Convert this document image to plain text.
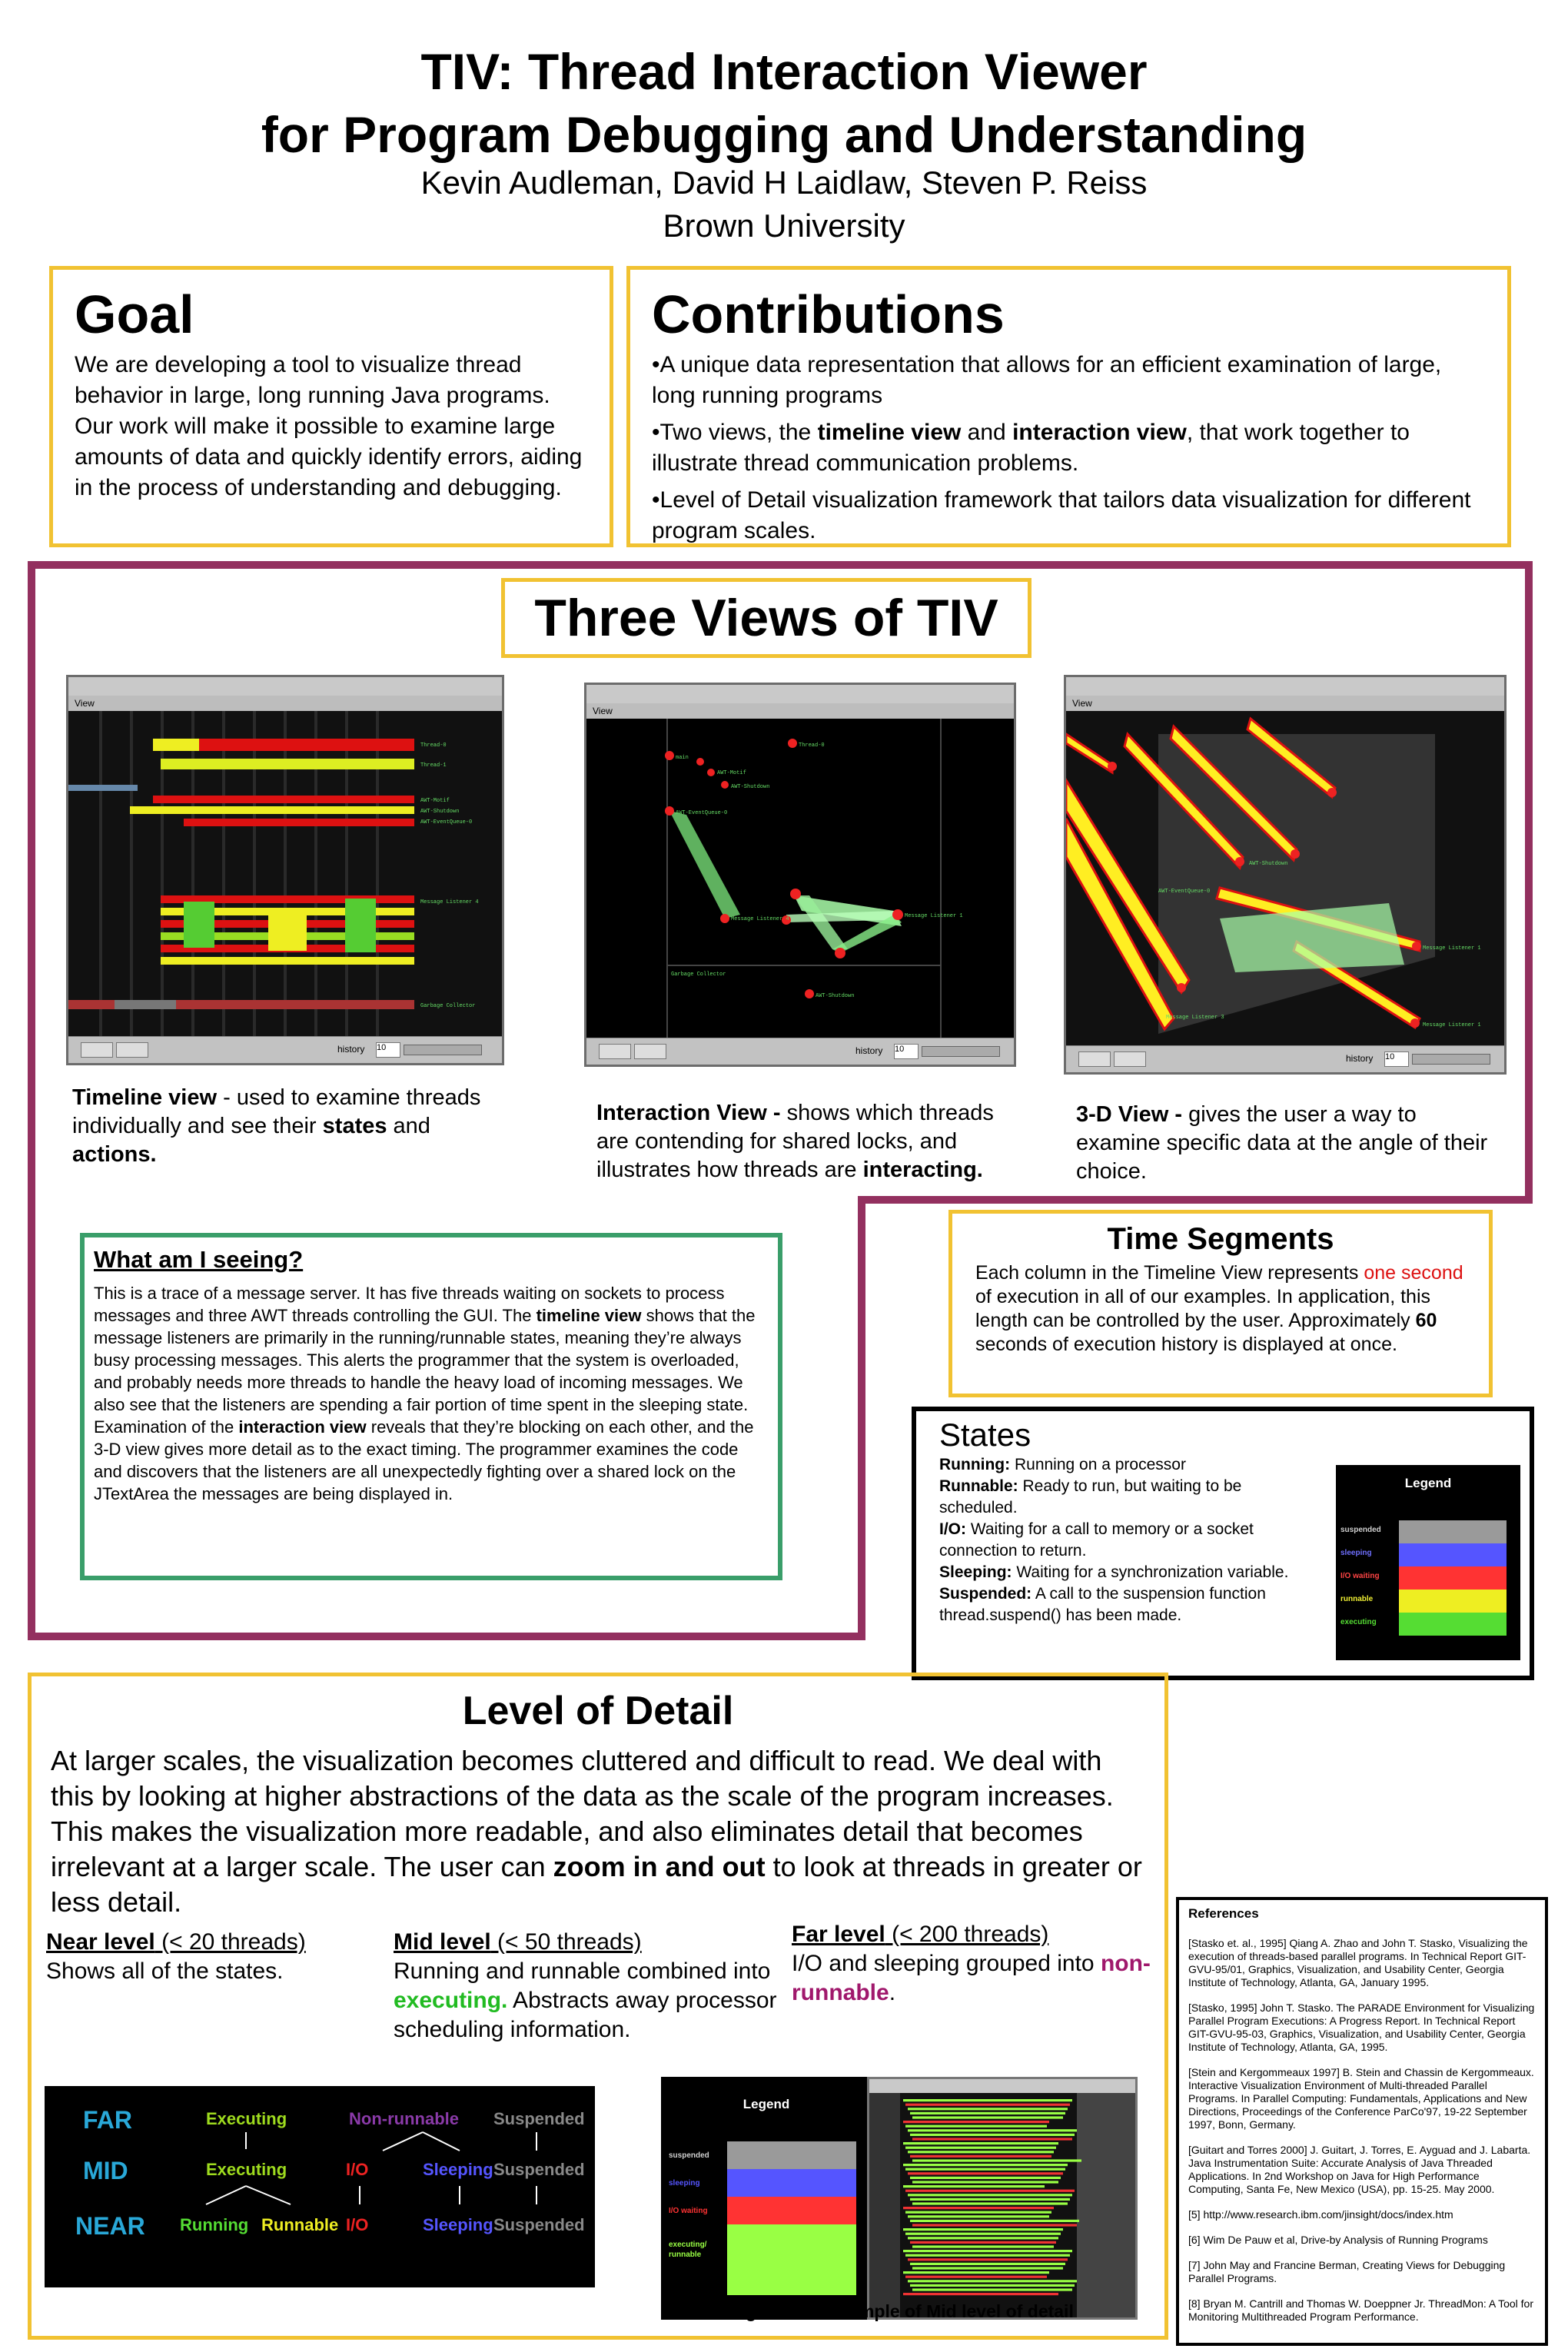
TIV: Thread Interaction Viewer
for Program Debugging and Understanding
Kevin Audleman, David H Laidlaw, Steven P. Reiss
Brown University
Goal
We are developing a tool to visualize thread behavior in large, long running Java programs. Our work will make it possible to examine large amounts of data and quickly identify errors, aiding in the process of understanding and debugging.
Contributions
•A unique data representation that allows for an efficient examination of large, long running programs
•Two views, the timeline view and interaction view, that work together to illustrate thread communication problems.
•Level of Detail visualization framework that tailors data visualization for different program scales.
Three Views of TIV
View
Thread-0
Thread-1
AWT-Motif
AWT-Shutdown
AWT-EventQueue-0
Message Listener 4
Garbage Collector
history 10
View
main
Thread-0
AWT-Motif
AWT-Shutdown
AWT-EventQueue-0
Message Listener 4	Message Listener 1
Garbage Collector
AWT-Shutdown
history 10
View
AWT-Shutdown
AWT-EventQueue-0
Message Listener 1
Message Listener 1
Message Listener 3
history 10
Timeline view - used to examine threads individually and see their states and actions.
Interaction View - shows which threads are contending for shared locks, and illustrates how threads are interacting.
3-D View - gives the user a way to examine specific data at the angle of their choice.
What am I seeing?
This is a trace of a message server. It has five threads waiting on sockets to process messages and three AWT threads controlling the GUI. The timeline view shows that the message listeners are primarily in the running/runnable states, meaning they’re always busy processing messages. This alerts the programmer that the system is overloaded, and probably needs more threads to handle the heavy load of incoming messages. We also see that the listeners are spending a fair portion of time spent in the sleeping state. Examination of the interaction view reveals that they’re blocking on each other, and the 3-D view gives more detail as to the exact timing. The programmer examines the code and discovers that the listeners are all unexpectedly fighting over a shared lock on the JTextArea the messages are being displayed in.
Time Segments
Each column in the Timeline View represents one second of execution in all of our examples. In application, this length can be controlled by the user. Approximately 60 seconds of execution history is displayed at once.
States
Running: Running on a processor
Runnable: Ready to run, but waiting to be scheduled.
I/O: Waiting for a call to memory or a socket connection to return.
Sleeping: Waiting for a synchronization variable.
Suspended: A call to the suspension function thread.suspend() has been made.
Legend
suspended
sleeping
I/O waiting
runnable
executing
Level of Detail
At larger scales, the visualization becomes cluttered and difficult to read. We deal with this by looking at higher abstractions of the data as the scale of the program increases. This makes the visualization more readable, and also eliminates detail that becomes irrelevant at a larger scale. The user can zoom in and out to look at threads in greater or less detail.
Near level (< 20 threads)
Shows all of the states.
Mid level (< 50 threads)
Running and runnable combined into executing. Abstracts away processor scheduling information.
Far level (< 200 threads)
I/O and sleeping grouped into non-runnable.
FAR
MID
NEAR
Executing	Non-runnable Suspended
Executing	I/O	Sleeping Suspended
Running Runnable I/O	Sleeping Suspended
Legend
suspended
sleeping
I/O waiting
executing/ runnable
Legend and example of Mid level of detail
References
[Stasko et. al., 1995] Qiang A. Zhao and John T. Stasko, Visualizing the execution of threads-based parallel programs. In Technical Report GIT-GVU-95/01, Graphics, Visualization, and Usability Center, Georgia Institute of Technology, Atlanta, GA, January 1995.
[Stasko, 1995] John T. Stasko. The PARADE Environment for Visualizing Parallel Program Executions: A Progress Report. In Technical Report GIT-GVU-95-03, Graphics, Visualization, and Usability Center, Georgia Institute of Technology, Atlanta, GA, 1995.
[Stein and Kergommeaux 1997] B. Stein and Chassin de Kergommeaux. Interactive Visualization Environment of Multi-threaded Parallel Programs. In Parallel Computing: Fundamentals, Applications and New Directions, Proceedings of the Conference ParCo'97, 19-22 September 1997, Bonn, Germany.
[Guitart and Torres 2000] J. Guitart, J. Torres, E. Ayguad and J. Labarta. Java Instrumentation Suite: Accurate Analysis of Java Threaded Applications. In 2nd Workshop on Java for High Performance Computing, Santa Fe, New Mexico (USA), pp. 15-25. May 2000.
[5] http://www.research.ibm.com/jinsight/docs/index.htm
[6] Wim De Pauw et al, Drive-by Analysis of Running Programs
[7] John May and Francine Berman, Creating Views for Debugging Parallel Programs.
[8] Bryan M. Cantrill and Thomas W. Doeppner Jr. ThreadMon: A Tool for Monitoring Multithreaded Program Performance.
